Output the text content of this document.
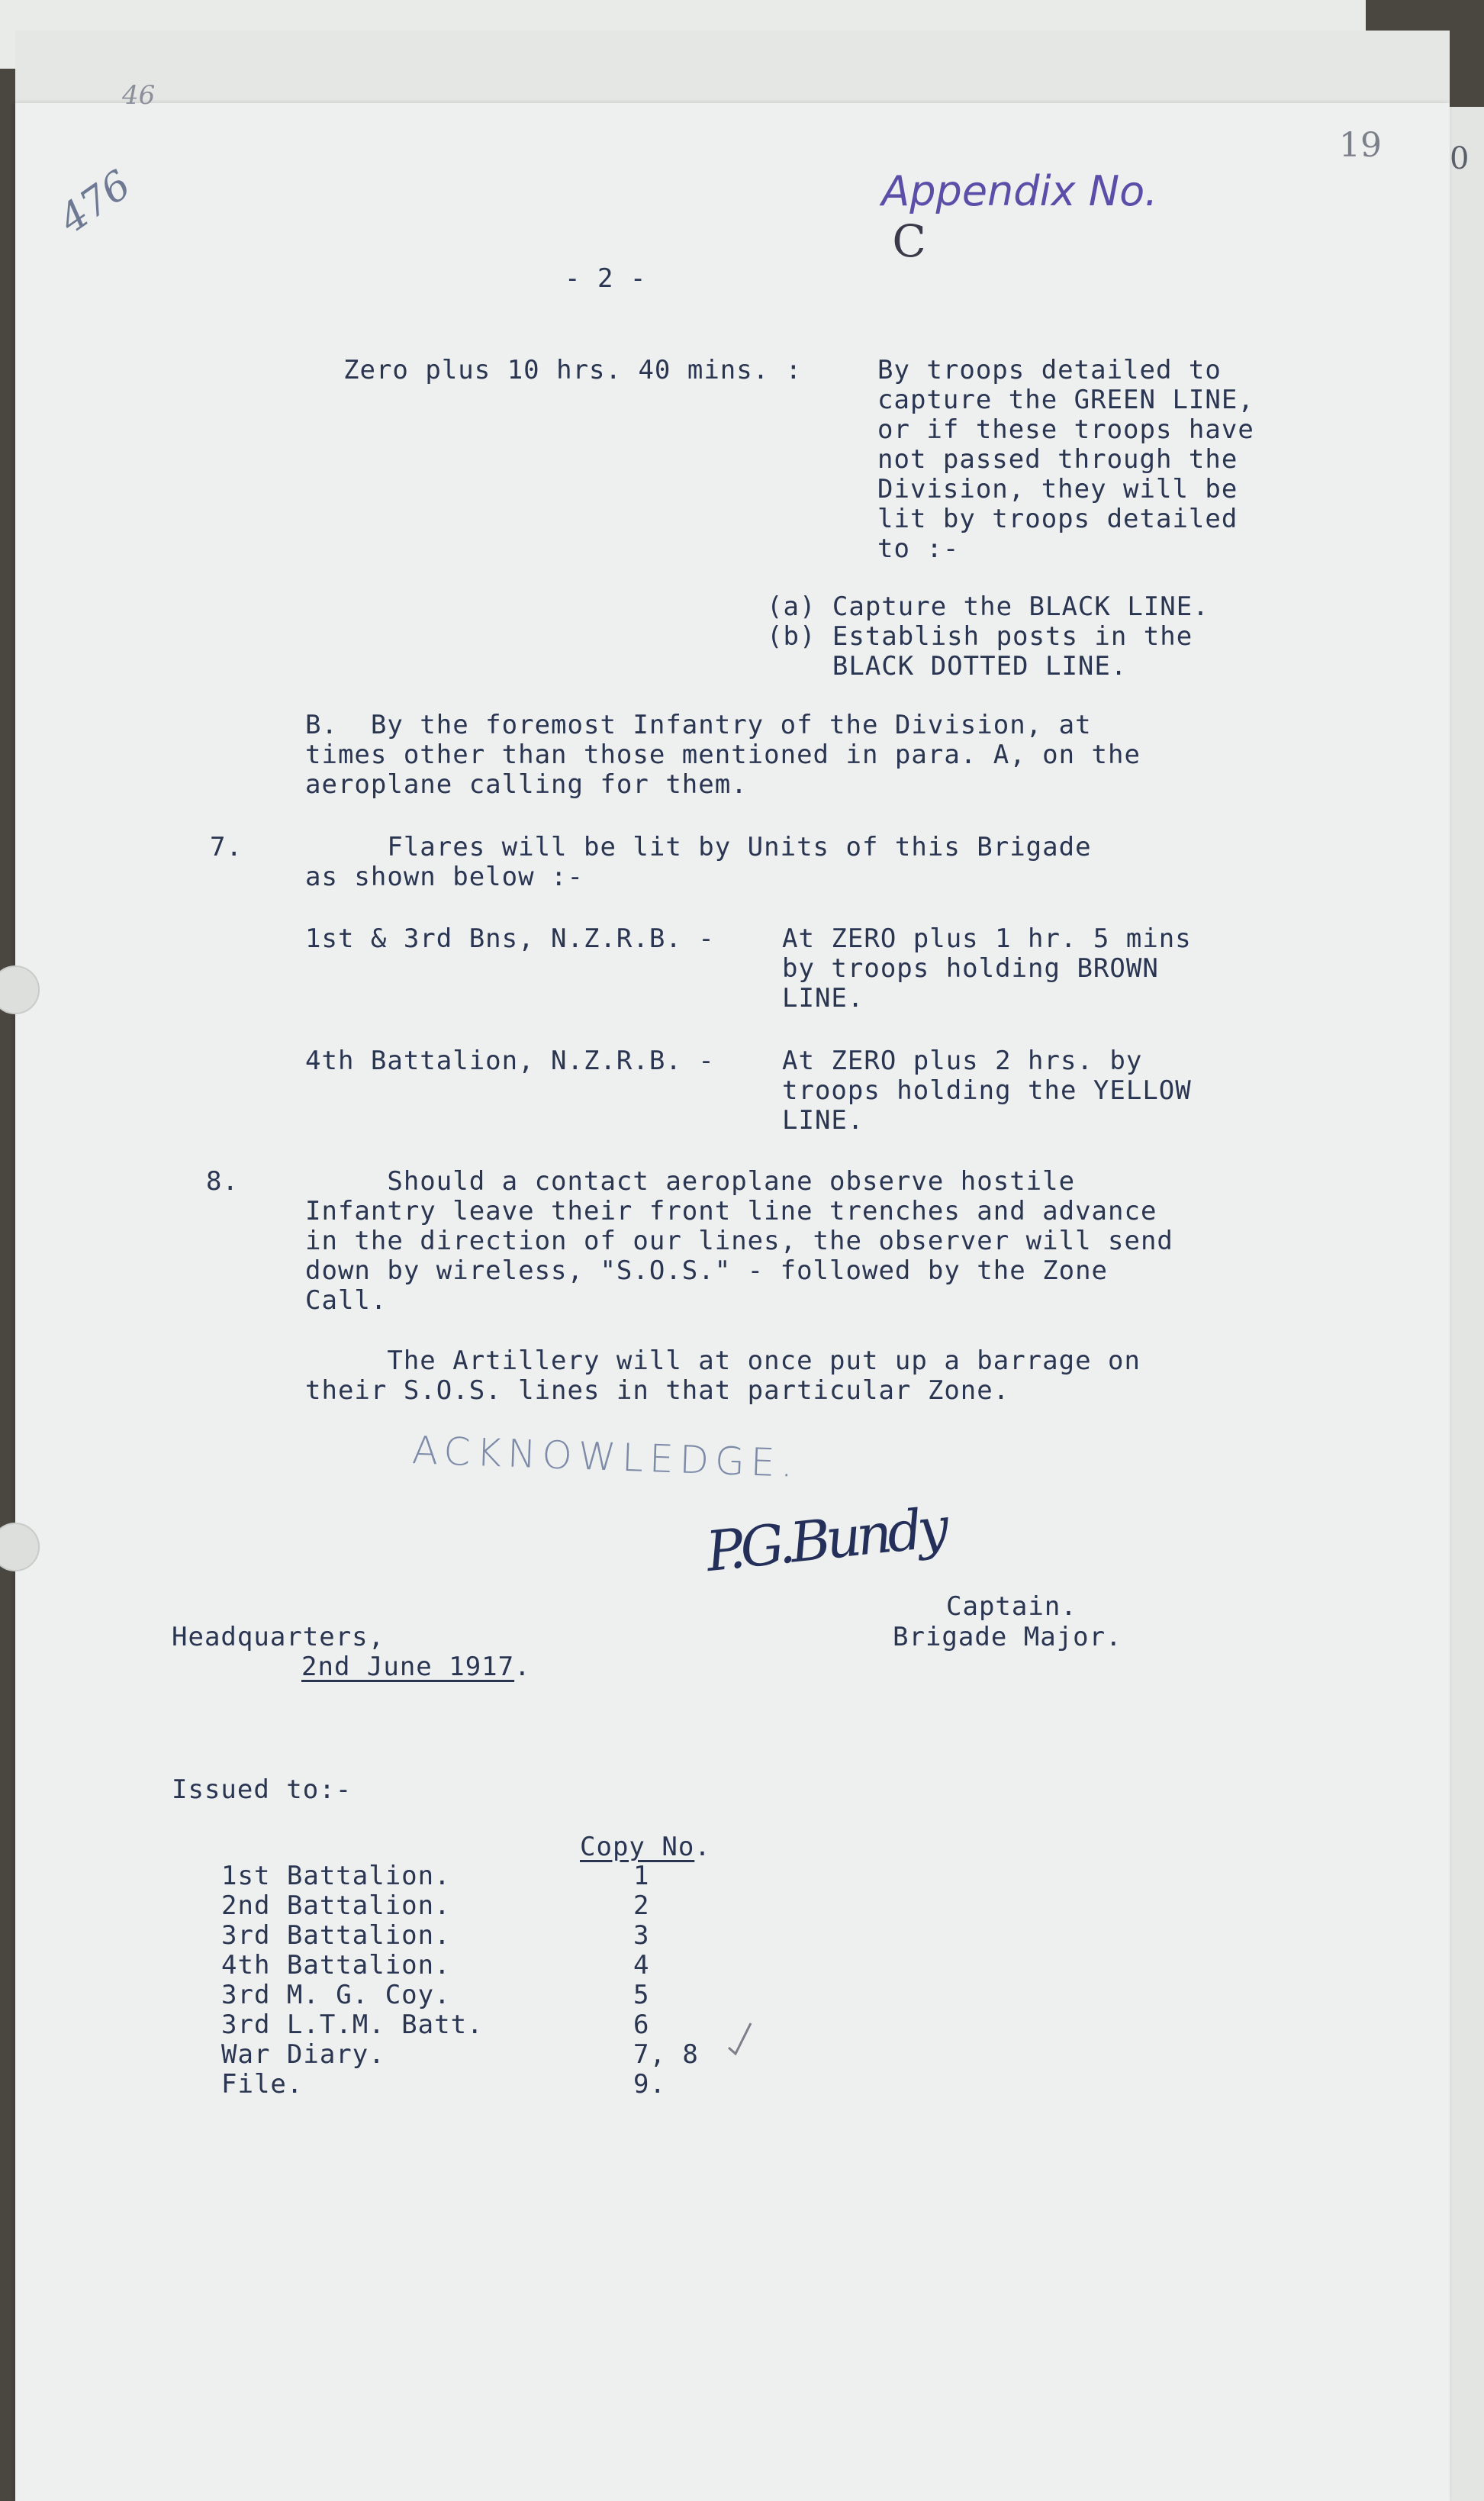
476
46
19 0

Appendix No.
C

- 2 -
Zero plus 10 hrs. 40 mins. :	By troops detailed to
capture the GREEN LINE,
or if these troops have
not passed through the
Division, they will be
lit by troops detailed
to :-
(a) Capture the BLACK LINE.
(b) Establish posts in the
BLACK DOTTED LINE.
B.  By the foremost Infantry of the Division, at
times other than those mentioned in para. A, on the
aeroplane calling for them.
7. Flares will be lit by Units of this Brigade
as shown below :-
1st & 3rd Bns, N.Z.R.B. -	At ZERO plus 1 hr. 5 mins
by troops holding BROWN
LINE.
4th Battalion, N.Z.R.B. -	At ZERO plus 2 hrs. by
troops holding the YELLOW
LINE.
8.	Should a contact aeroplane observe hostile
Infantry leave their front line trenches and advance
in the direction of our lines, the observer will send
down by wireless, "S.O.S." - followed by the Zone
Call.
The Artillery will at once put up a barrage on
their S.O.S. lines in that particular Zone.
ACKNOWLEDGE.
P.G.Bundy
Captain.
Brigade Major.
Headquarters,
2nd June 1917.
Issued to:-
Copy No.
1st Battalion.	1
2nd Battalion.	2
3rd Battalion.	3
4th Battalion.	4
3rd M. G. Coy.	5
3rd L.T.M. Batt.	6
War Diary.	7, 8
File.	9.
